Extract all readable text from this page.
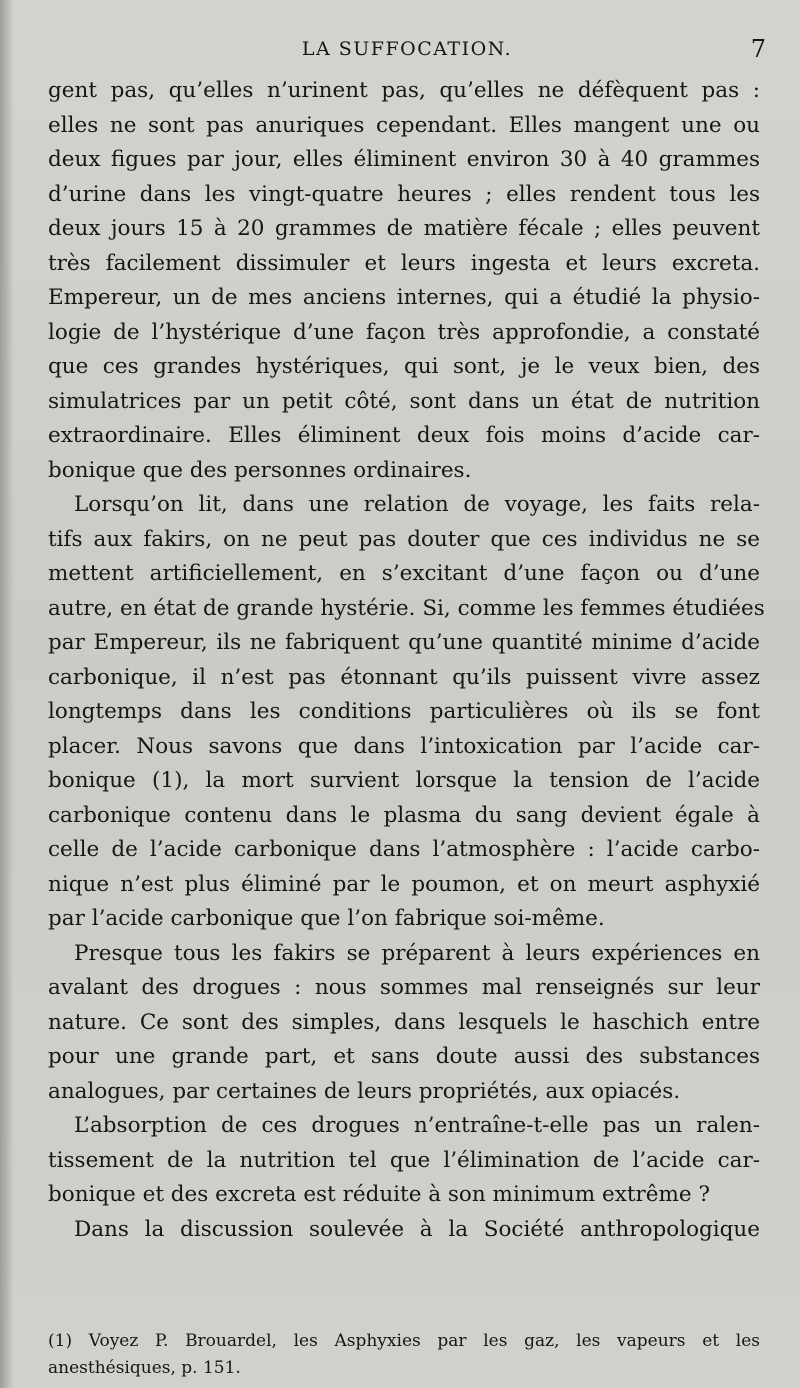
LA SUFFOCATION.	7
gent pas, qu’elles n’urinent pas, qu’elles ne défèquent pas :
elles ne sont pas anuriques cependant. Elles mangent une ou
deux figues par jour, elles éliminent environ 30 à 40 grammes
d’urine dans les vingt-quatre heures ; elles rendent tous les
deux jours 15 à 20 grammes de matière fécale ; elles peuvent
très facilement dissimuler et leurs ingesta et leurs excreta.
Empereur, un de mes anciens internes, qui a étudié la physio-
logie de l’hystérique d’une façon très approfondie, a constaté
que ces grandes hystériques, qui sont, je le veux bien, des
simulatrices par un petit côté, sont dans un état de nutrition
extraordinaire. Elles éliminent deux fois moins d’acide car-
bonique que des personnes ordinaires.
Lorsqu’on lit, dans une relation de voyage, les faits rela-
tifs aux fakirs, on ne peut pas douter que ces individus ne se
mettent artificiellement, en s’excitant d’une façon ou d’une
autre, en état de grande hystérie. Si, comme les femmes étudiées
par Empereur, ils ne fabriquent qu’une quantité minime d’acide
carbonique, il n’est pas étonnant qu’ils puissent vivre assez
longtemps dans les conditions particulières où ils se font
placer. Nous savons que dans l’intoxication par l’acide car-
bonique (1), la mort survient lorsque la tension de l’acide
carbonique contenu dans le plasma du sang devient égale à
celle de l’acide carbonique dans l’atmosphère : l’acide carbo-
nique n’est plus éliminé par le poumon, et on meurt asphyxié
par l’acide carbonique que l’on fabrique soi-même.
Presque tous les fakirs se préparent à leurs expériences en
avalant des drogues : nous sommes mal renseignés sur leur
nature. Ce sont des simples, dans lesquels le haschich entre
pour une grande part, et sans doute aussi des substances
analogues, par certaines de leurs propriétés, aux opiacés.
L’absorption de ces drogues n’entraîne-t-elle pas un ralen-
tissement de la nutrition tel que l’élimination de l’acide car-
bonique et des excreta est réduite à son minimum extrême ?
Dans la discussion soulevée à la Société anthropologique
(1) Voyez P. Brouardel, les Asphyxies par les gaz, les vapeurs et les
anesthésiques, p. 151.
